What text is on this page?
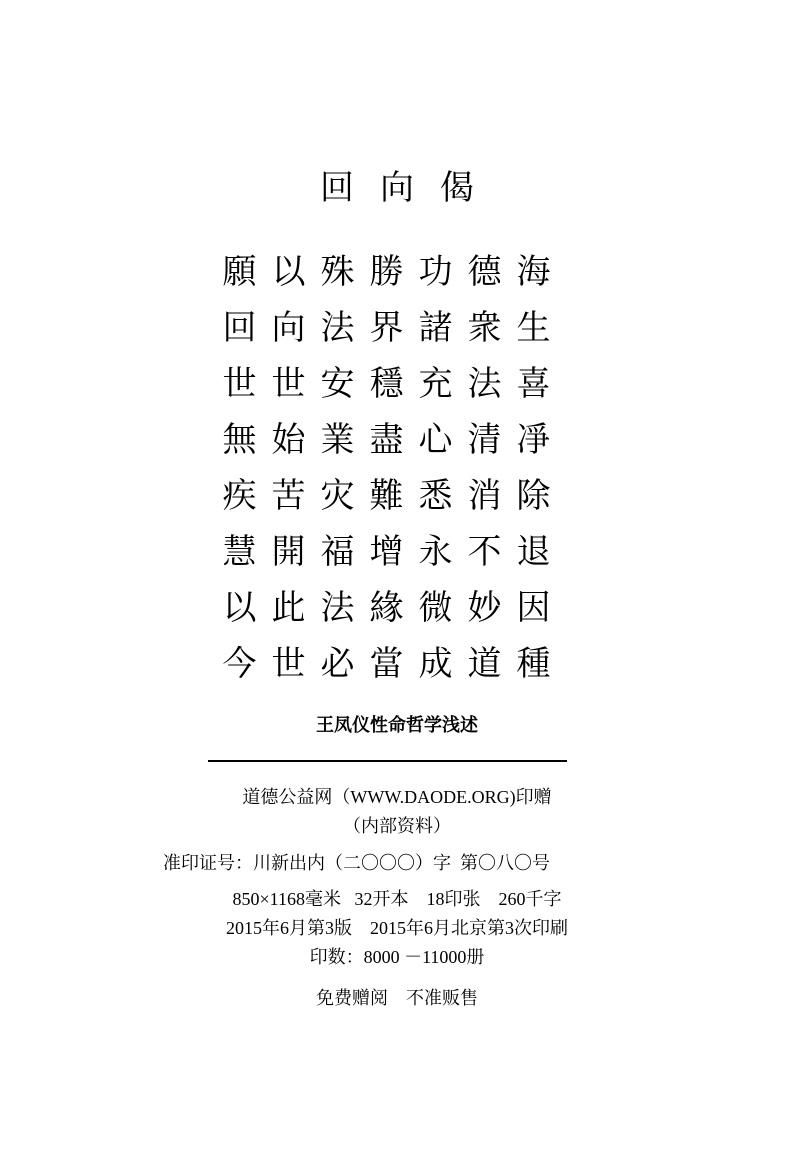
回 向 偈
願 以 殊 勝 功 德 海
回 向 法 界 諸 衆 生
世 世 安 穩 充 法 喜
無 始 業 盡 心 清 凈
疾 苦 灾 難 悉 消 除
慧 開 福 增 永 不 退
以 此 法 緣 微 妙 因
今 世 必 當 成 道 種
王凤仪性命哲学浅述
道德公益网（WWW.DAODE.ORG)印赠
（内部资料）
准印证号：川新出内（二〇〇〇）字  第〇八〇号
850×1168毫米   32开本    18印张    260千字
2015年6月第3版    2015年6月北京第3次印刷
印数：8000 －11000册
免费赠阅    不准贩售
